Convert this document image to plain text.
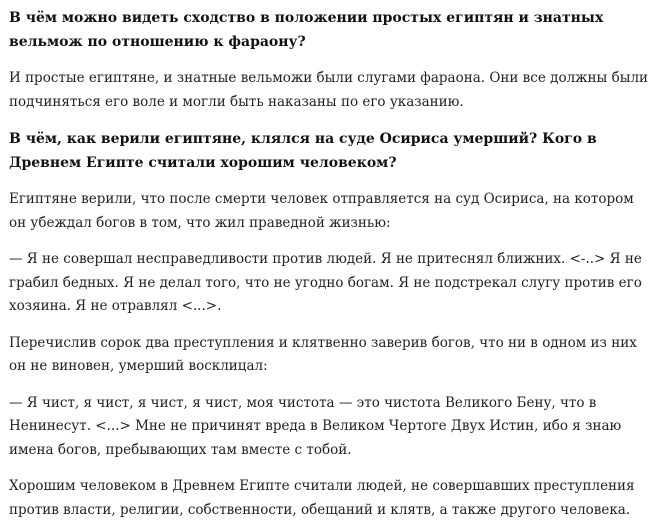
В чём можно видеть сходство в положении простых египтян и знатных вельмож по отношению к фараону?

И простые египтяне, и знатные вельможи были слугами фараона. Они все должны были подчиняться его воле и могли быть наказаны по его указанию.

В чём, как верили египтяне, клялся на суде Осириса умерший? Кого в Древнем Египте считали хорошим человеком?

Египтяне верили, что после смерти человек отправляется на суд Осириса, на котором он убеждал богов в том, что жил праведной жизнью:

— Я не совершал несправедливости против людей. Я не притеснял ближних. <-..> Я не грабил бедных. Я не делал того, что не угодно богам. Я не подстрекал слугу против его хозяина. Я не отравлял <...>.

Перечислив сорок два преступления и клятвенно заверив богов, что ни в одном из них он не виновен, умерший восклицал:

— Я чист, я чист, я чист, я чист, моя чистота — это чистота Великого Бену, что в Ненинесут. <...> Мне не причинят вреда в Великом Чертоге Двух Истин, ибо я знаю имена богов, пребывающих там вместе с тобой.

Хорошим человеком в Древнем Египте считали людей, не совершавших преступления против власти, религии, собственности, обещаний и клятв, а также другого человека.
